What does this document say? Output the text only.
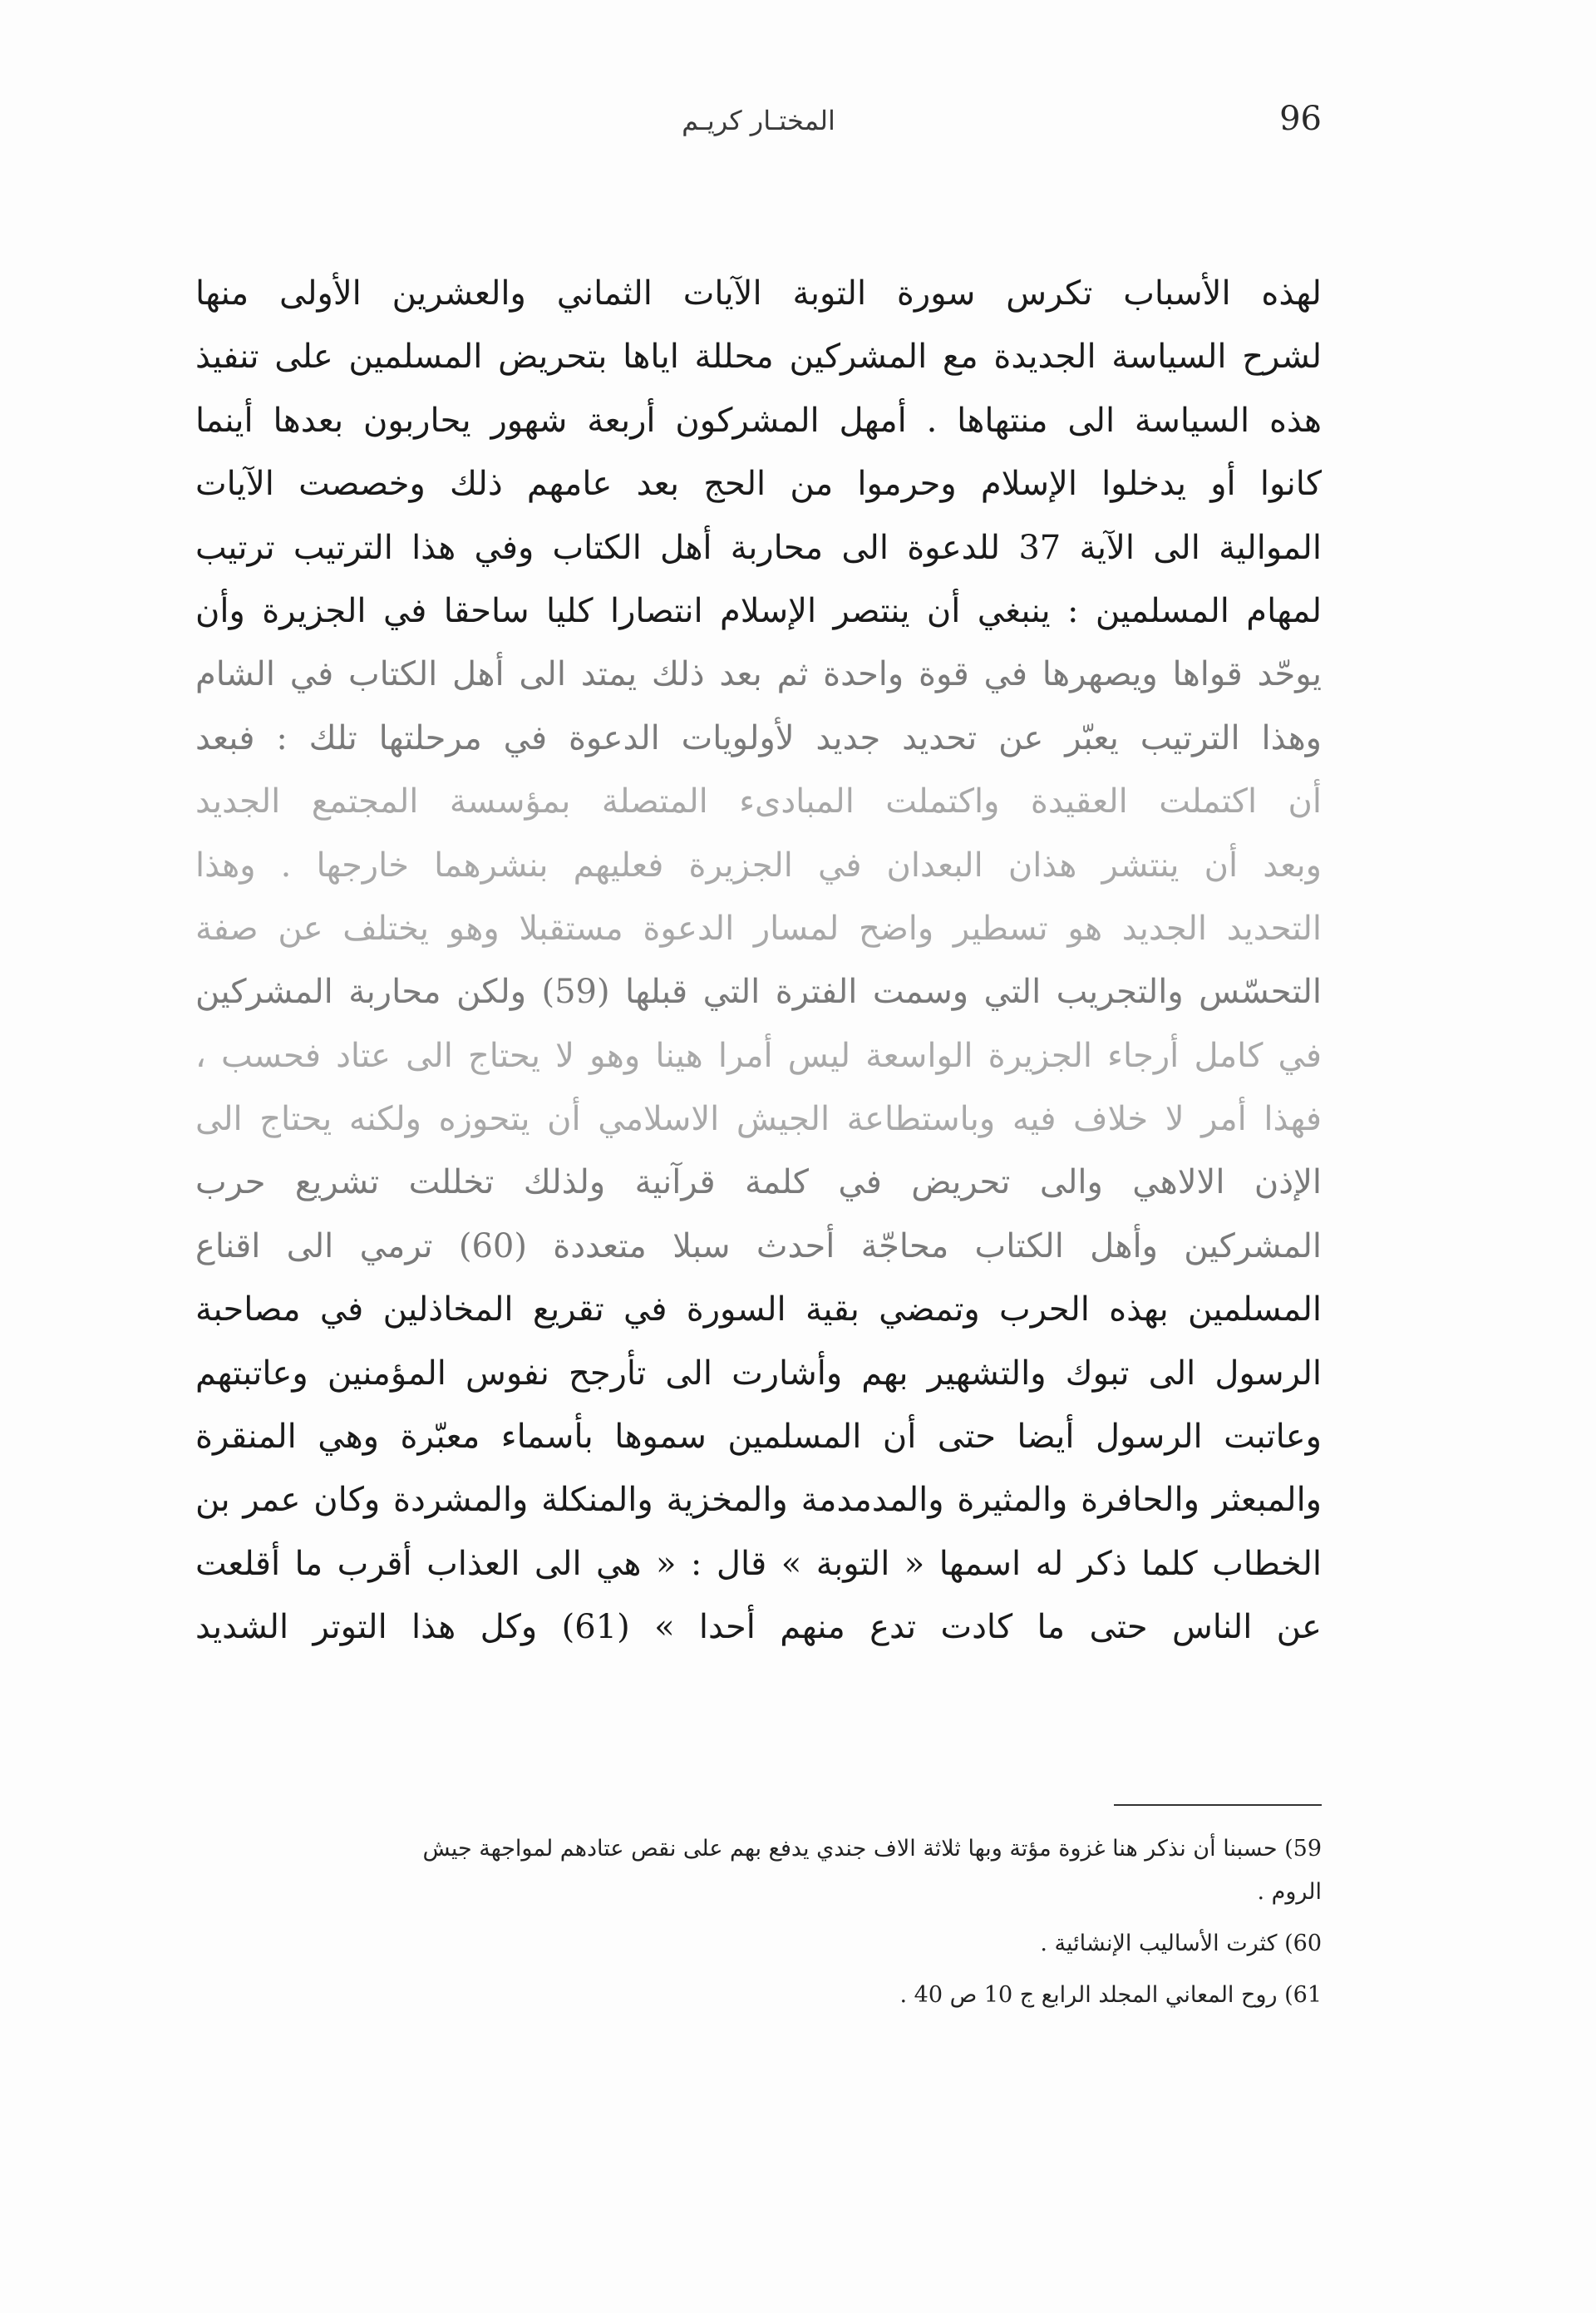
96
المختـار كريـم
لهذه الأسباب تكرس سورة التوبة الآيات الثماني والعشرين الأولى منها
لشرح السياسة الجديدة مع المشركين محللة اياها بتحريض المسلمين على تنفيذ
هذه السياسة الى منتهاها . أمهل المشركون أربعة شهور يحاربون بعدها أينما
كانوا أو يدخلوا الإسلام وحرموا من الحج بعد عامهم ذلك وخصصت الآيات
الموالية الى الآية 37 للدعوة الى محاربة أهل الكتاب وفي هذا الترتيب ترتيب
لمهام المسلمين : ينبغي أن ينتصر الإسلام انتصارا كليا ساحقا في الجزيرة وأن
يوحّد قواها ويصهرها في قوة واحدة ثم بعد ذلك يمتد الى أهل الكتاب في الشام
وهذا الترتيب يعبّر عن تحديد جديد لأولويات الدعوة في مرحلتها تلك : فبعد
أن اكتملت العقيدة واكتملت المبادىء المتصلة بمؤسسة المجتمع الجديد
وبعد أن ينتشر هذان البعدان في الجزيرة فعليهم بنشرهما خارجها . وهذا
التحديد الجديد هو تسطير واضح لمسار الدعوة مستقبلا وهو يختلف عن صفة
التحسّس والتجريب التي وسمت الفترة التي قبلها (59) ولكن محاربة المشركين
في كامل أرجاء الجزيرة الواسعة ليس أمرا هينا وهو لا يحتاج الى عتاد فحسب ،
فهذا أمر لا خلاف فيه وباستطاعة الجيش الاسلامي أن يتحوزه ولكنه يحتاج الى
الإذن الالاهي والى تحريض في كلمة قرآنية ولذلك تخللت تشريع حرب
المشركين وأهل الكتاب محاجّة أحدث سبلا متعددة (60) ترمي الى اقناع
المسلمين بهذه الحرب وتمضي بقية السورة في تقريع المخاذلين في مصاحبة
الرسول الى تبوك والتشهير بهم وأشارت الى تأرجح نفوس المؤمنين وعاتبتهم
وعاتبت الرسول أيضا حتى أن المسلمين سموها بأسماء معبّرة وهي المنقرة
والمبعثر والحافرة والمثيرة والمدمدمة والمخزية والمنكلة والمشردة وكان عمر بن
الخطاب كلما ذكر له اسمها « التوبة » قال : « هي الى العذاب أقرب ما أقلعت
عن الناس حتى ما كادت تدع منهم أحدا » (61) وكل هذا التوتر الشديد
59) حسبنا أن نذكر هنا غزوة مؤتة وبها ثلاثة الاف جندي يدفع بهم على نقص عتادهم لمواجهة جيش
الروم .
60) كثرت الأساليب الإنشائية .
61) روح المعاني المجلد الرابع ج 10 ص 40 .
